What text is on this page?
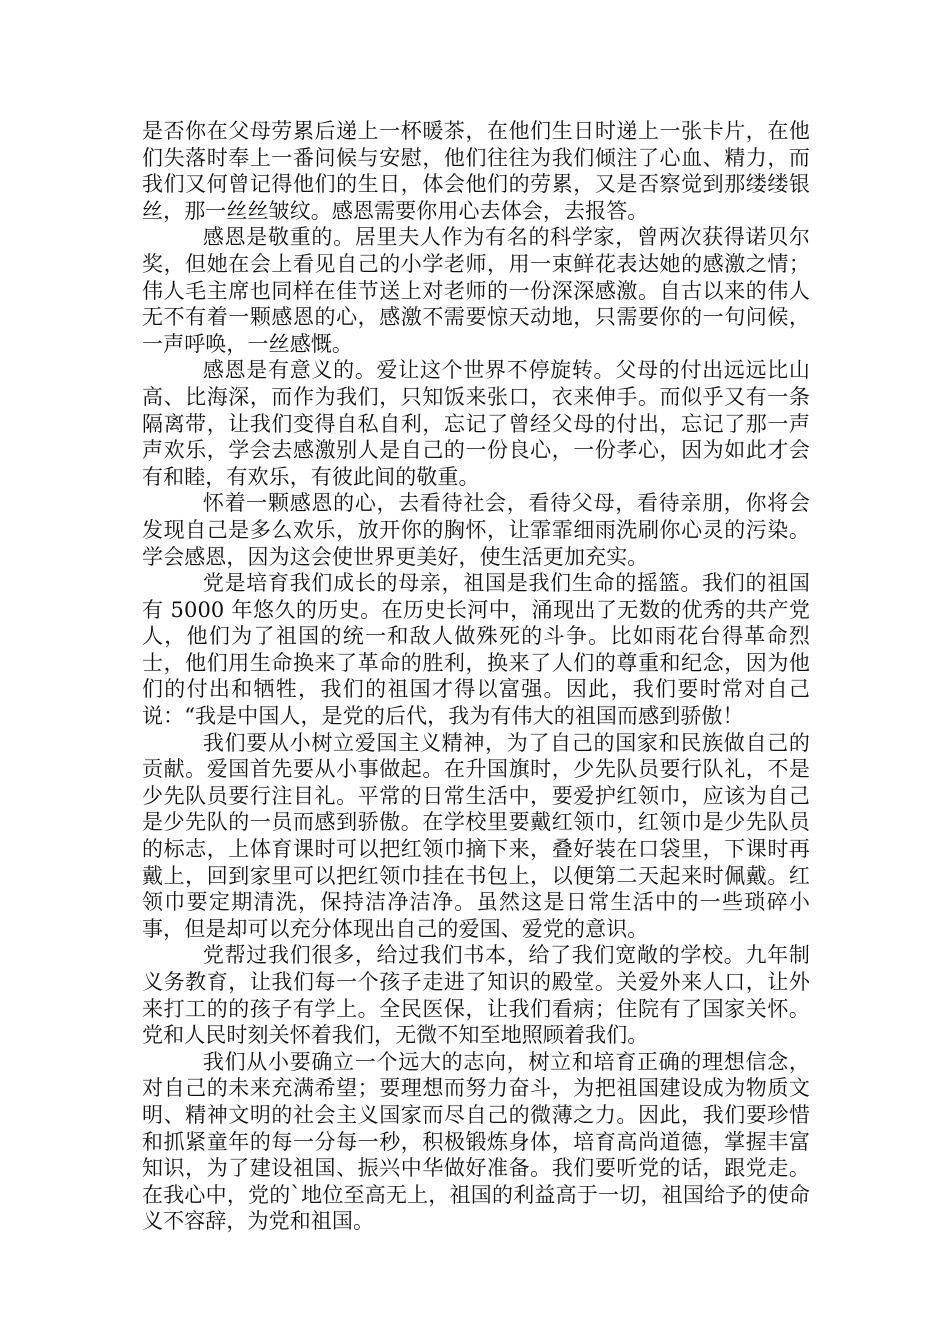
是否你在父母劳累后递上一杯暖茶，在他们生日时递上一张卡片，在他们失落时奉上一番问候与安慰，他们往往为我们倾注了心血、精力，而我们又何曾记得他们的生日，体会他们的劳累，又是否察觉到那缕缕银丝，那一丝丝皱纹。感恩需要你用心去体会，去报答。

感恩是敬重的。居里夫人作为有名的科学家，曾两次获得诺贝尔奖，但她在会上看见自己的小学老师，用一束鲜花表达她的感激之情；伟人毛主席也同样在佳节送上对老师的一份深深感激。自古以来的伟人无不有着一颗感恩的心，感激不需要惊天动地，只需要你的一句问候，一声呼唤，一丝感慨。

感恩是有意义的。爱让这个世界不停旋转。父母的付出远远比山高、比海深，而作为我们，只知饭来张口，衣来伸手。而似乎又有一条隔离带，让我们变得自私自利，忘记了曾经父母的付出，忘记了那一声声欢乐，学会去感激别人是自己的一份良心，一份孝心，因为如此才会有和睦，有欢乐，有彼此间的敬重。

怀着一颗感恩的心，去看待社会，看待父母，看待亲朋，你将会发现自己是多么欢乐，放开你的胸怀，让霏霏细雨洗刷你心灵的污染。学会感恩，因为这会使世界更美好，使生活更加充实。

党是培育我们成长的母亲，祖国是我们生命的摇篮。我们的祖国有 5000 年悠久的历史。在历史长河中，涌现出了无数的优秀的共产党人，他们为了祖国的统一和敌人做殊死的斗争。比如雨花台得革命烈士，他们用生命换来了革命的胜利，换来了人们的尊重和纪念，因为他们的付出和牺牲，我们的祖国才得以富强。因此，我们要时常对自己说：“我是中国人，是党的后代，我为有伟大的祖国而感到骄傲！

我们要从小树立爱国主义精神，为了自己的国家和民族做自己的贡献。爱国首先要从小事做起。在升国旗时，少先队员要行队礼，不是少先队员要行注目礼。平常的日常生活中，要爱护红领巾，应该为自己是少先队的一员而感到骄傲。在学校里要戴红领巾，红领巾是少先队员的标志，上体育课时可以把红领巾摘下来，叠好装在口袋里，下课时再戴上，回到家里可以把红领巾挂在书包上，以便第二天起来时佩戴。红领巾要定期清洗，保持洁净洁净。虽然这是日常生活中的一些琐碎小事，但是却可以充分体现出自己的爱国、爱党的意识。

党帮过我们很多，给过我们书本，给了我们宽敞的学校。九年制义务教育，让我们每一个孩子走进了知识的殿堂。关爱外来人口，让外来打工的的孩子有学上。全民医保，让我们看病；住院有了国家关怀。党和人民时刻关怀着我们，无微不知至地照顾着我们。

我们从小要确立一个远大的志向，树立和培育正确的理想信念，对自己的未来充满希望；要理想而努力奋斗，为把祖国建设成为物质文明、精神文明的社会主义国家而尽自己的微薄之力。因此，我们要珍惜和抓紧童年的每一分每一秒，积极锻炼身体，培育高尚道德，掌握丰富知识，为了建设祖国、振兴中华做好准备。我们要听党的话，跟党走。在我心中，党的`地位至高无上，祖国的利益高于一切，祖国给予的使命义不容辞，为党和祖国。
